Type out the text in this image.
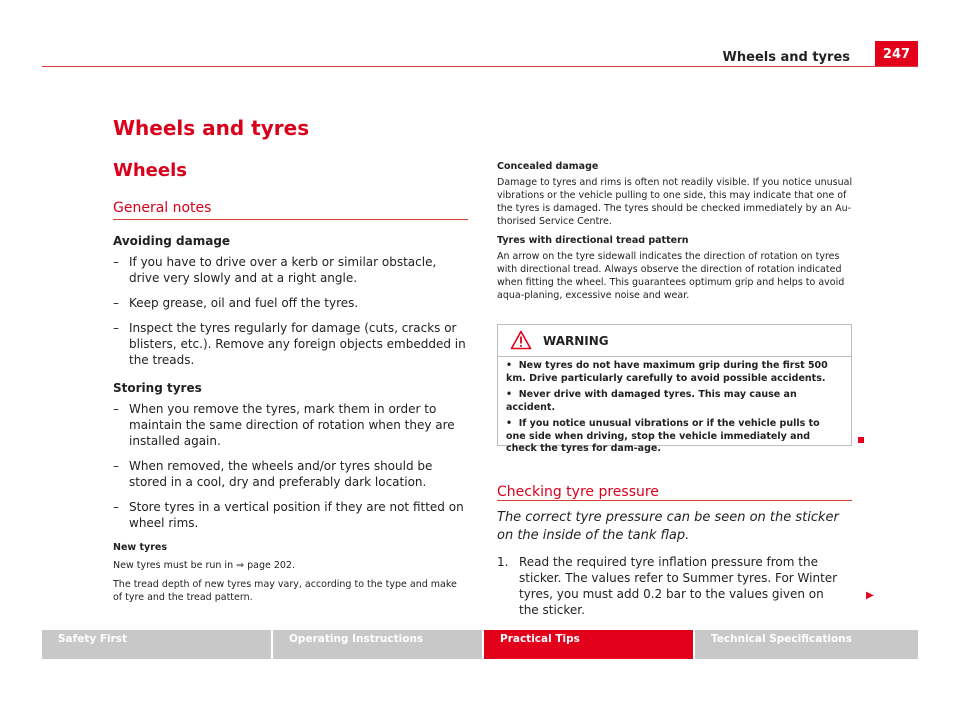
Wheels and tyres	247
Wheels and tyres
Wheels
General notes
Avoiding damage
– If you have to drive over a kerb or similar obstacle, drive very slowly and at a right angle.
– Keep grease, oil and fuel off the tyres.
– Inspect the tyres regularly for damage (cuts, cracks or blisters, etc.). Remove any foreign objects embedded in the treads.
Storing tyres
– When you remove the tyres, mark them in order to maintain the same direction of rotation when they are installed again.
– When removed, the wheels and/or tyres should be stored in a cool, dry and preferably dark location.
– Store tyres in a vertical position if they are not fitted on wheel rims.
New tyres

New tyres must be run in ⇒ page 202.

The tread depth of new tyres may vary, according to the type and make of tyre and the tread pattern.

Concealed damage

Damage to tyres and rims is often not readily visible. If you notice unusual vibrations or the vehicle pulling to one side, this may indicate that one of the tyres is damaged. The tyres should be checked immediately by an Au-thorised Service Centre.

Tyres with directional tread pattern

An arrow on the tyre sidewall indicates the direction of rotation on tyres with directional tread. Always observe the direction of rotation indicated when fitting the wheel. This guarantees optimum grip and helps to avoid aqua-planing, excessive noise and wear.

WARNING

•  New tyres do not have maximum grip during the first 500 km. Drive particularly carefully to avoid possible accidents.

•  Never drive with damaged tyres. This may cause an accident.

•  If you notice unusual vibrations or if the vehicle pulls to one side when driving, stop the vehicle immediately and check the tyres for dam-age.

Checking tyre pressure
The correct tyre pressure can be seen on the sticker on the inside of the tank flap.
1. Read the required tyre inflation pressure from the sticker. The values refer to Summer tyres. For Winter tyres, you must add 0.2 bar to the values given on the sticker.
▶
Safety First	Operating Instructions	Practical Tips	Technical Specifications
